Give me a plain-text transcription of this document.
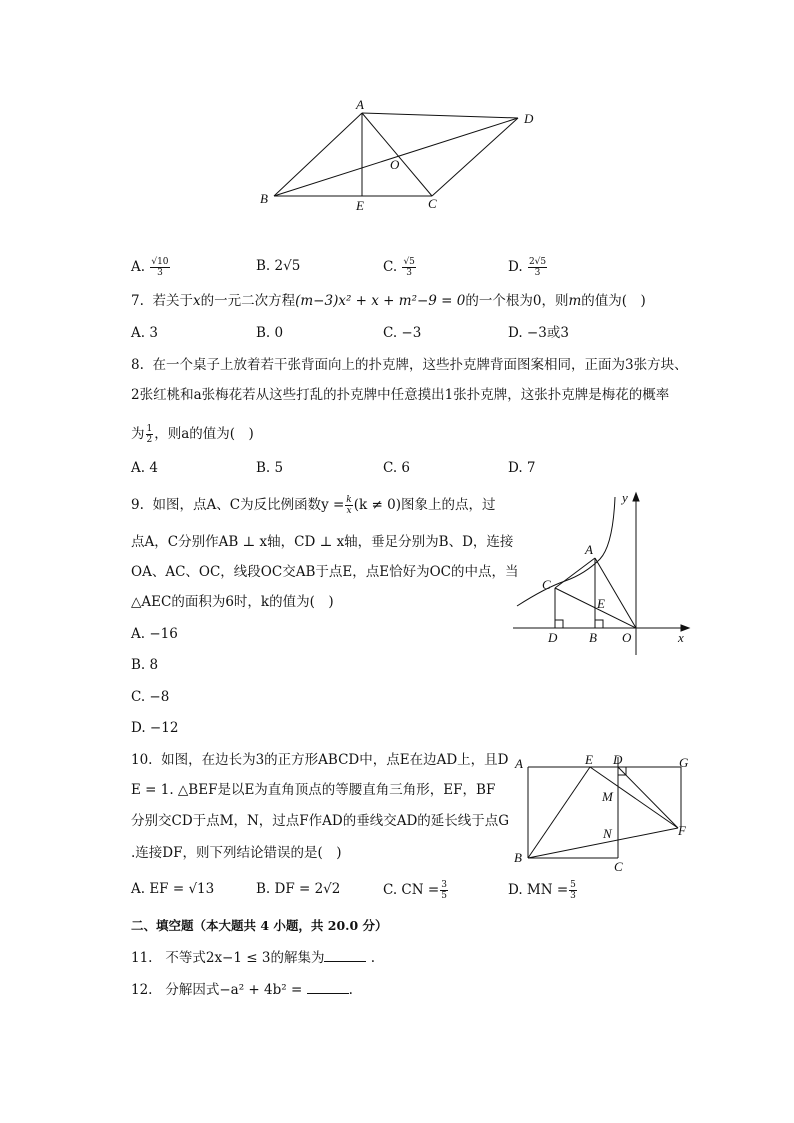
A
D
O
B	E	C
A. $\frac{√10}{3}$	B. 2√5	C. $\frac{√5}{3}$	D. $\frac{2√5}{3}$
7. 若关于x的一元二次方程(m−3)x² + x + m²−9 = 0的一个根为0，则m的值为(　)
A. 3	B. 0	C. −3	D. −3或3
8. 在一个桌子上放着若干张背面向上的扑克牌，这些扑克牌背面图案相同，正面为3张方块、
2张红桃和a张梅花若从这些打乱的扑克牌中任意摸出1张扑克牌，这张扑克牌是梅花的概率
为 $\frac{1}{2}$ ，则a的值为(　)
A. 4	B. 5	C. 6	D. 7
9. 如图，点A、C为反比例函数$y = \frac{k}{x} (k \ne 0)$图象上的点，过
点A，C分别作AB ⊥ x轴，CD ⊥ x轴，垂足分别为B、D，连接
OA、AC、OC，线段OC交AB于点E，点E恰好为OC的中点，当
△AEC的面积为6时，k的值为(　)
A. −16
B. 8
C. −8
D. −12
y
A
C
E
D B O	x
10. 如图，在边长为3的正方形ABCD中，点E在边AD上，且D
E = 1. △BEF是以E为直角顶点的等腰直角三角形，EF，BF
分别交CD于点M，N，过点F作AD的垂线交AD的延长线于点G
.连接DF，则下列结论错误的是(　)
A. EF = √13	B. DF = 2√2	C. CN = $\frac{3}{5}$	D. MN = $\frac{5}{3}$
A	E D	G
M
N	F
B
C
二、填空题（本大题共 4 小题，共 20.0 分）
11. 不等式2x−1 ≤ 3的解集为	.
12. 分解因式−a² + 4b² =	.
